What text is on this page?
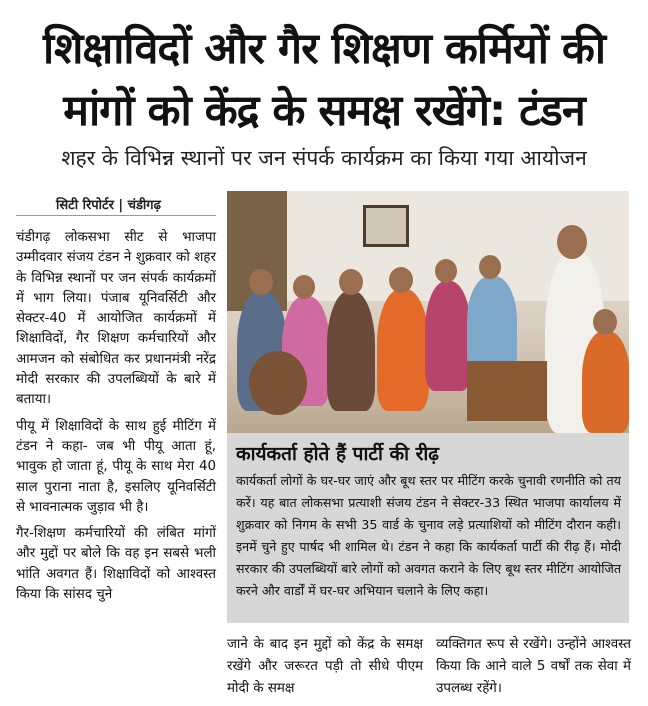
शिक्षाविदों और गैर शिक्षण कर्मियों की
मांगों को केंद्र के समक्ष रखेंगे: टंडन
शहर के विभिन्न स्थानों पर जन संपर्क कार्यक्रम का किया गया आयोजन
सिटी रिपोर्टर | चंडीगढ़

चंडीगढ़ लोकसभा सीट से भाजपा उम्मीदवार संजय टंडन ने शुक्रवार को शहर के विभिन्न स्थानों पर जन संपर्क कार्यक्रमों में भाग लिया। पंजाब यूनिवर्सिटी और सेक्टर-40 में आयोजित कार्यक्रमों में शिक्षाविदों, गैर शिक्षण कर्मचारियों और आमजन को संबोधित कर प्रधानमंत्री नरेंद्र मोदी सरकार की उपलब्धियों के बारे में बताया।

पीयू में शिक्षाविदों के साथ हुई मीटिंग में टंडन ने कहा- जब भी पीयू आता हूं, भावुक हो जाता हूं, पीयू के साथ मेरा 40 साल पुराना नाता है, इसलिए यूनिवर्सिटी से भावनात्मक जुड़ाव भी है।

गैर-शिक्षण कर्मचारियों की लंबित मांगों और मुद्दों पर बोले कि वह इन सबसे भली भांति अवगत हैं। शिक्षाविदों को आश्वस्त किया कि सांसद चुने

कार्यकर्ता होते हैं पार्टी की रीढ़
कार्यकर्ता लोगों के घर-घर जाएं और बूथ स्तर पर मीटिंग करके चुनावी रणनीति को तय करें। यह बात लोकसभा प्रत्याशी संजय टंडन ने सेक्टर-33 स्थित भाजपा कार्यालय में शुक्रवार को निगम के सभी 35 वार्ड के चुनाव लड़े प्रत्याशियों को मीटिंग दौरान कही। इनमें चुने हुए पार्षद भी शामिल थे। टंडन ने कहा कि कार्यकर्ता पार्टी की रीढ़ हैं। मोदी सरकार की उपलब्धियों बारे लोगों को अवगत कराने के लिए बूथ स्तर मीटिंग आयोजित करने और वार्डों में घर-घर अभियान चलाने के लिए कहा।
जाने के बाद इन मुद्दों को केंद्र के समक्ष रखेंगे और जरूरत पड़ी तो सीधे पीएम मोदी के समक्ष
व्यक्तिगत रूप से रखेंगे। उन्होंने आश्वस्त किया कि आने वाले 5 वर्षों तक सेवा में उपलब्ध रहेंगे।
